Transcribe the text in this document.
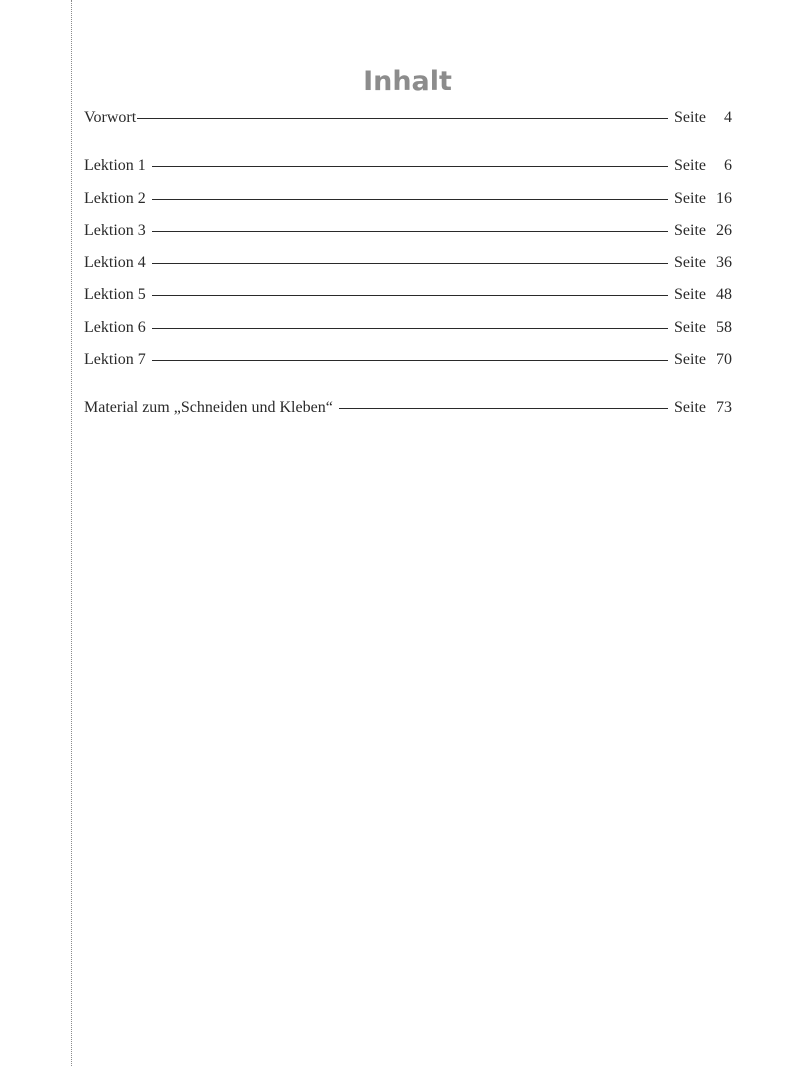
Inhalt
Vorwort	Seite	4
Lektion 1	Seite	6
Lektion 2	Seite 16
Lektion 3	Seite 26
Lektion 4	Seite 36
Lektion 5	Seite 48
Lektion 6	Seite 58
Lektion 7	Seite 70
Material zum „Schneiden und Kleben“	Seite 73
